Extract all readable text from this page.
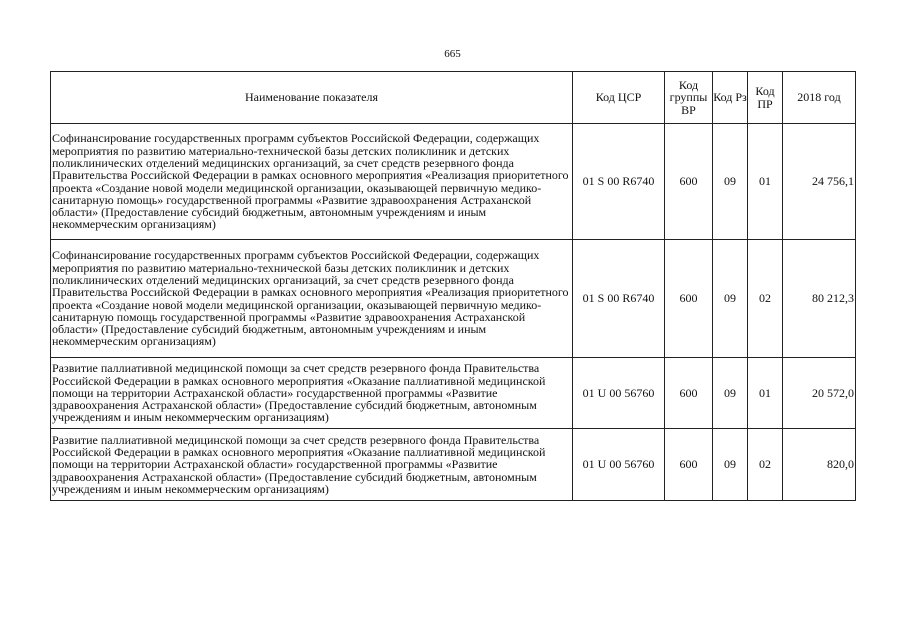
665
Наименование показателя	Код ЦСР	Код группы ВР	Код Рз	Код ПР	2018 год
Софинансирование государственных программ субъектов Российской Федерации, содержащих мероприятия по развитию материально-технической базы детских поликлиник и детских поликлинических отделений медицинских организаций, за счет средств резервного фонда Правительства Российской Федерации в рамках основного мероприятия «Реализация приоритетного проекта «Создание новой модели медицинской организации, оказывающей первичную медико-санитарную помощь» государственной программы «Развитие здравоохранения Астраханской области» (Предоставление субсидий бюджетным, автономным учреждениям и иным некоммерческим организациям)	01 S 00 R6740	600	09	01	24 756,1
Софинансирование государственных программ субъектов Российской Федерации, содержащих мероприятия по развитию материально-технической базы детских поликлиник и детских поликлинических отделений медицинских организаций, за счет средств резервного фонда Правительства Российской Федерации в рамках основного мероприятия «Реализация приоритетного проекта «Создание новой модели медицинской организации, оказывающей первичную медико-санитарную помощь государственной программы «Развитие здравоохранения Астраханской области» (Предоставление субсидий бюджетным, автономным учреждениям и иным некоммерческим организациям)	01 S 00 R6740	600	09	02	80 212,3
Развитие паллиативной медицинской помощи за счет средств резервного фонда Правительства Российской Федерации в рамках основного мероприятия «Оказание паллиативной медицинской помощи на территории Астраханской области» государственной программы «Развитие здравоохранения Астраханской области» (Предоставление субсидий бюджетным, автономным учреждениям и иным некоммерческим организациям)	01 U 00 56760	600	09	01	20 572,0
Развитие паллиативной медицинской помощи за счет средств резервного фонда Правительства Российской Федерации в рамках основного мероприятия «Оказание паллиативной медицинской помощи на территории Астраханской области» государственной программы «Развитие здравоохранения Астраханской области» (Предоставление субсидий бюджетным, автономным учреждениям и иным некоммерческим организациям)	01 U 00 56760	600	09	02	820,0
